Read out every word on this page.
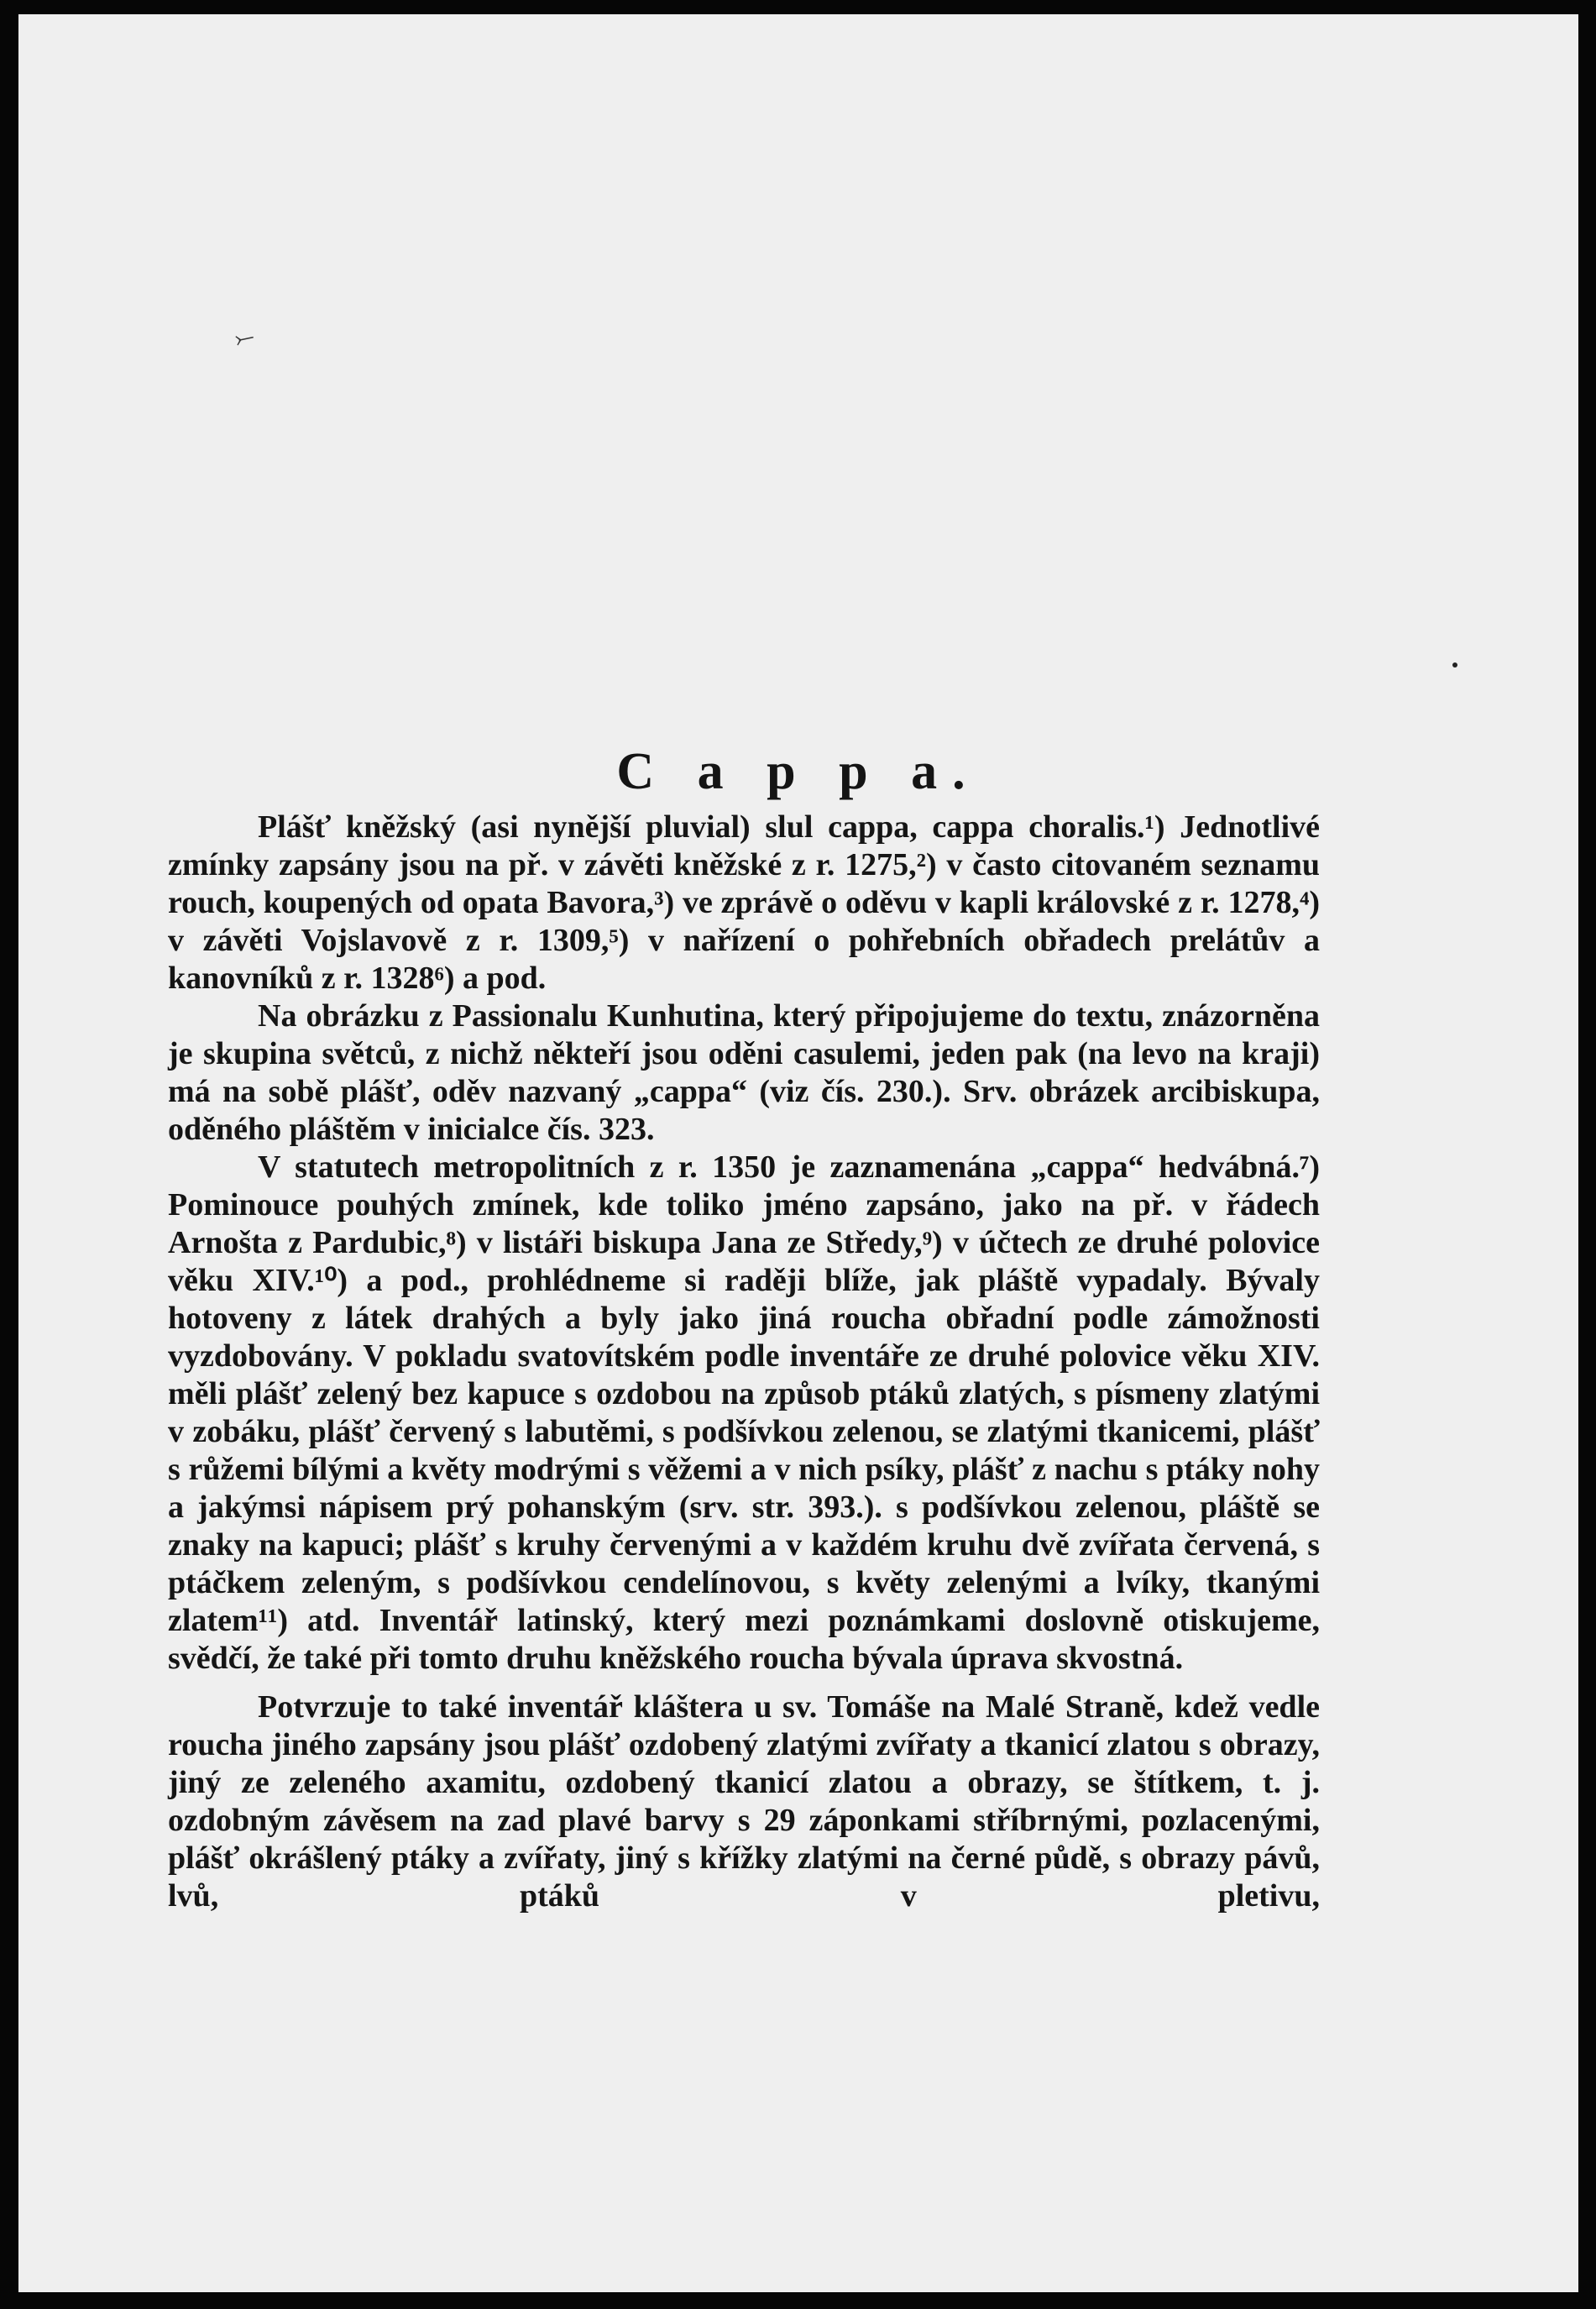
⤚
C a p p a.

Plášť kněžský (asi nynější pluvial) slul cappa, cappa choralis.¹) Jednotlivé zmínky zapsány jsou na př. v závěti kněžské z r. 1275,²) v často citovaném seznamu rouch, koupených od opata Bavora,³) ve zprávě o oděvu v kapli královské z r. 1278,⁴) v závěti Vojslavově z r. 1309,⁵) v nařízení o pohřebních obřadech prelátův a kanovníků z r. 1328⁶) a pod.

Na obrázku z Passionalu Kunhutina, který připojujeme do textu, znázorněna je skupina světců, z nichž někteří jsou oděni casulemi, jeden pak (na levo na kraji) má na sobě plášť, oděv nazvaný „cappa“ (viz čís. 230.). Srv. obrázek arcibiskupa, oděného pláštěm v inicialce čís. 323.

V statutech metropolitních z r. 1350 je zaznamenána „cappa“ hedvábná.⁷) Pominouce pouhých zmínek, kde toliko jméno zapsáno, jako na př. v řádech Arnošta z Pardubic,⁸) v listáři biskupa Jana ze Středy,⁹) v účtech ze druhé polovice věku XIV.¹⁰) a pod., prohlédneme si raději blíže, jak pláště vypadaly. Bývaly hotoveny z látek drahých a byly jako jiná roucha obřadní podle zámožnosti vyzdobovány. V pokladu svatovítském podle inventáře ze druhé polovice věku XIV. měli plášť zelený bez kapuce s ozdobou na způsob ptáků zlatých, s písmeny zlatými v zobáku, plášť červený s labutěmi, s podšívkou zelenou, se zlatými tkanicemi, plášť s růžemi bílými a květy modrými s věžemi a v nich psíky, plášť z nachu s ptáky nohy a jakýmsi nápisem prý pohanským (srv. str. 393.). s podšívkou zelenou, pláště se znaky na kapuci; plášť s kruhy červenými a v každém kruhu dvě zvířata červená, s ptáčkem zeleným, s podšívkou cendelínovou, s květy zelenými a lvíky, tkanými zlatem¹¹) atd. Inventář latinský, který mezi poznámkami doslovně otiskujeme, svědčí, že také při tomto druhu kněžského roucha bývala úprava skvostná.

Potvrzuje to také inventář kláštera u sv. Tomáše na Malé Straně, kdež vedle roucha jiného zapsány jsou plášť ozdobený zlatými zvířaty a tkanicí zlatou s obrazy, jiný ze zeleného axamitu, ozdobený tkanicí zlatou a obrazy, se štítkem, t. j. ozdobným závěsem na zad plavé barvy s 29 záponkami stříbrnými, pozlacenými, plášť okrášlený ptáky a zvířaty, jiný s křížky zlatými na černé půdě, s obrazy pávů, lvů, ptáků v pletivu,
